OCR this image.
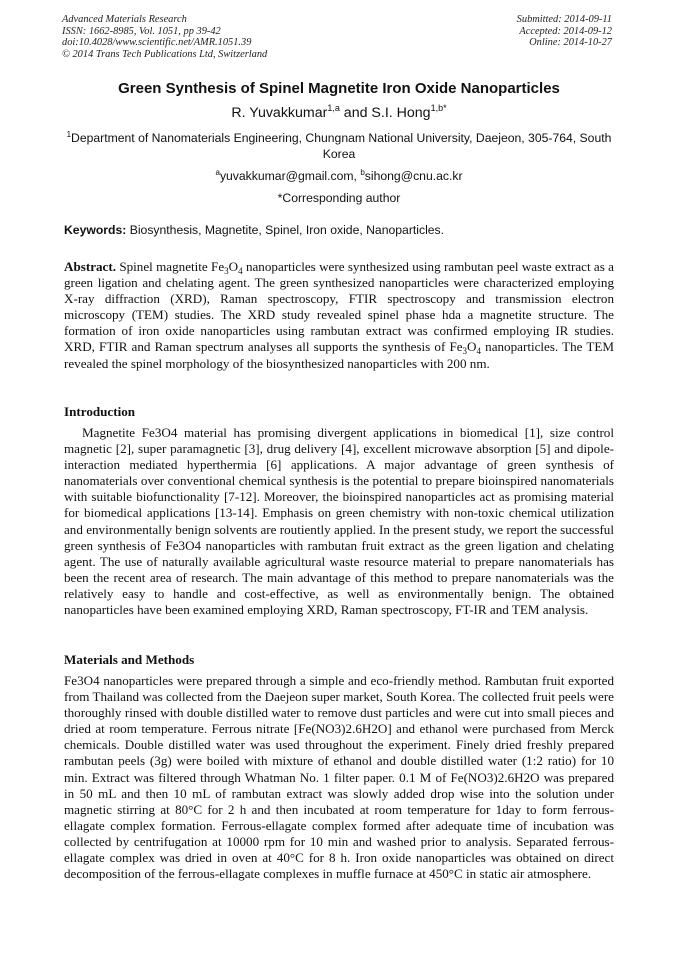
Advanced Materials Research
ISSN: 1662-8985, Vol. 1051, pp 39-42
doi:10.4028/www.scientific.net/AMR.1051.39
© 2014 Trans Tech Publications Ltd, Switzerland
Submitted: 2014-09-11
Accepted: 2014-09-12
Online: 2014-10-27
Green Synthesis of Spinel Magnetite Iron Oxide Nanoparticles
R. Yuvakkumar$^{1,a}$ and S.I. Hong$^{1,b*}$
$^1$Department of Nanomaterials Engineering, Chungnam National University, Daejeon, 305-764, South Korea
$^a$yuvakkumar@gmail.com, $^b$sihong@cnu.ac.kr
*Corresponding author
Keywords: Biosynthesis, Magnetite, Spinel, Iron oxide, Nanoparticles.
Abstract. Spinel magnetite $Fe_3O_4$ nanoparticles were synthesized using rambutan peel waste extract as a green ligation and chelating agent. The green synthesized nanoparticles were characterized employing X-ray diffraction (XRD), Raman spectroscopy, FTIR spectroscopy and transmission electron microscopy (TEM) studies. The XRD study revealed spinel phase hda a magnetite structure. The formation of iron oxide nanoparticles using rambutan extract was confirmed employing IR studies. XRD, FTIR and Raman spectrum analyses all supports the synthesis of $Fe_3O_4$ nanoparticles. The TEM revealed the spinel morphology of the biosynthesized nanoparticles with 200 nm.
Introduction
Magnetite Fe3O4 material has promising divergent applications in biomedical [1], size control magnetic [2], super paramagnetic [3], drug delivery [4], excellent microwave absorption [5] and dipole-interaction mediated hyperthermia [6] applications. A major advantage of green synthesis of nanomaterials over conventional chemical synthesis is the potential to prepare bioinspired nanomaterials with suitable biofunctionality [7-12]. Moreover, the bioinspired nanoparticles act as promising material for biomedical applications [13-14]. Emphasis on green chemistry with non-toxic chemical utilization and environmentally benign solvents are routiently applied. In the present study, we report the successful green synthesis of Fe3O4 nanoparticles with rambutan fruit extract as the green ligation and chelating agent. The use of naturally available agricultural waste resource material to prepare nanomaterials has been the recent area of research. The main advantage of this method to prepare nanomaterials was the relatively easy to handle and cost-effective, as well as environmentally benign. The obtained nanoparticles have been examined employing XRD, Raman spectroscopy, FT-IR and TEM analysis.
Materials and Methods
Fe3O4 nanoparticles were prepared through a simple and eco-friendly method. Rambutan fruit exported from Thailand was collected from the Daejeon super market, South Korea. The collected fruit peels were thoroughly rinsed with double distilled water to remove dust particles and were cut into small pieces and dried at room temperature. Ferrous nitrate [Fe(NO3)2.6H2O] and ethanol were purchased from Merck chemicals. Double distilled water was used throughout the experiment. Finely dried freshly prepared rambutan peels (3g) were boiled with mixture of ethanol and double distilled water (1:2 ratio) for 10 min. Extract was filtered through Whatman No. 1 filter paper. 0.1 M of Fe(NO3)2.6H2O was prepared in 50 mL and then 10 mL of rambutan extract was slowly added drop wise into the solution under magnetic stirring at 80°C for 2 h and then incubated at room temperature for 1day to form ferrous-ellagate complex formation. Ferrous-ellagate complex formed after adequate time of incubation was collected by centrifugation at 10000 rpm for 10 min and washed prior to analysis. Separated ferrous-ellagate complex was dried in oven at 40°C for 8 h. Iron oxide nanoparticles was obtained on direct decomposition of the ferrous-ellagate complexes in muffle furnace at 450°C in static air atmosphere.
